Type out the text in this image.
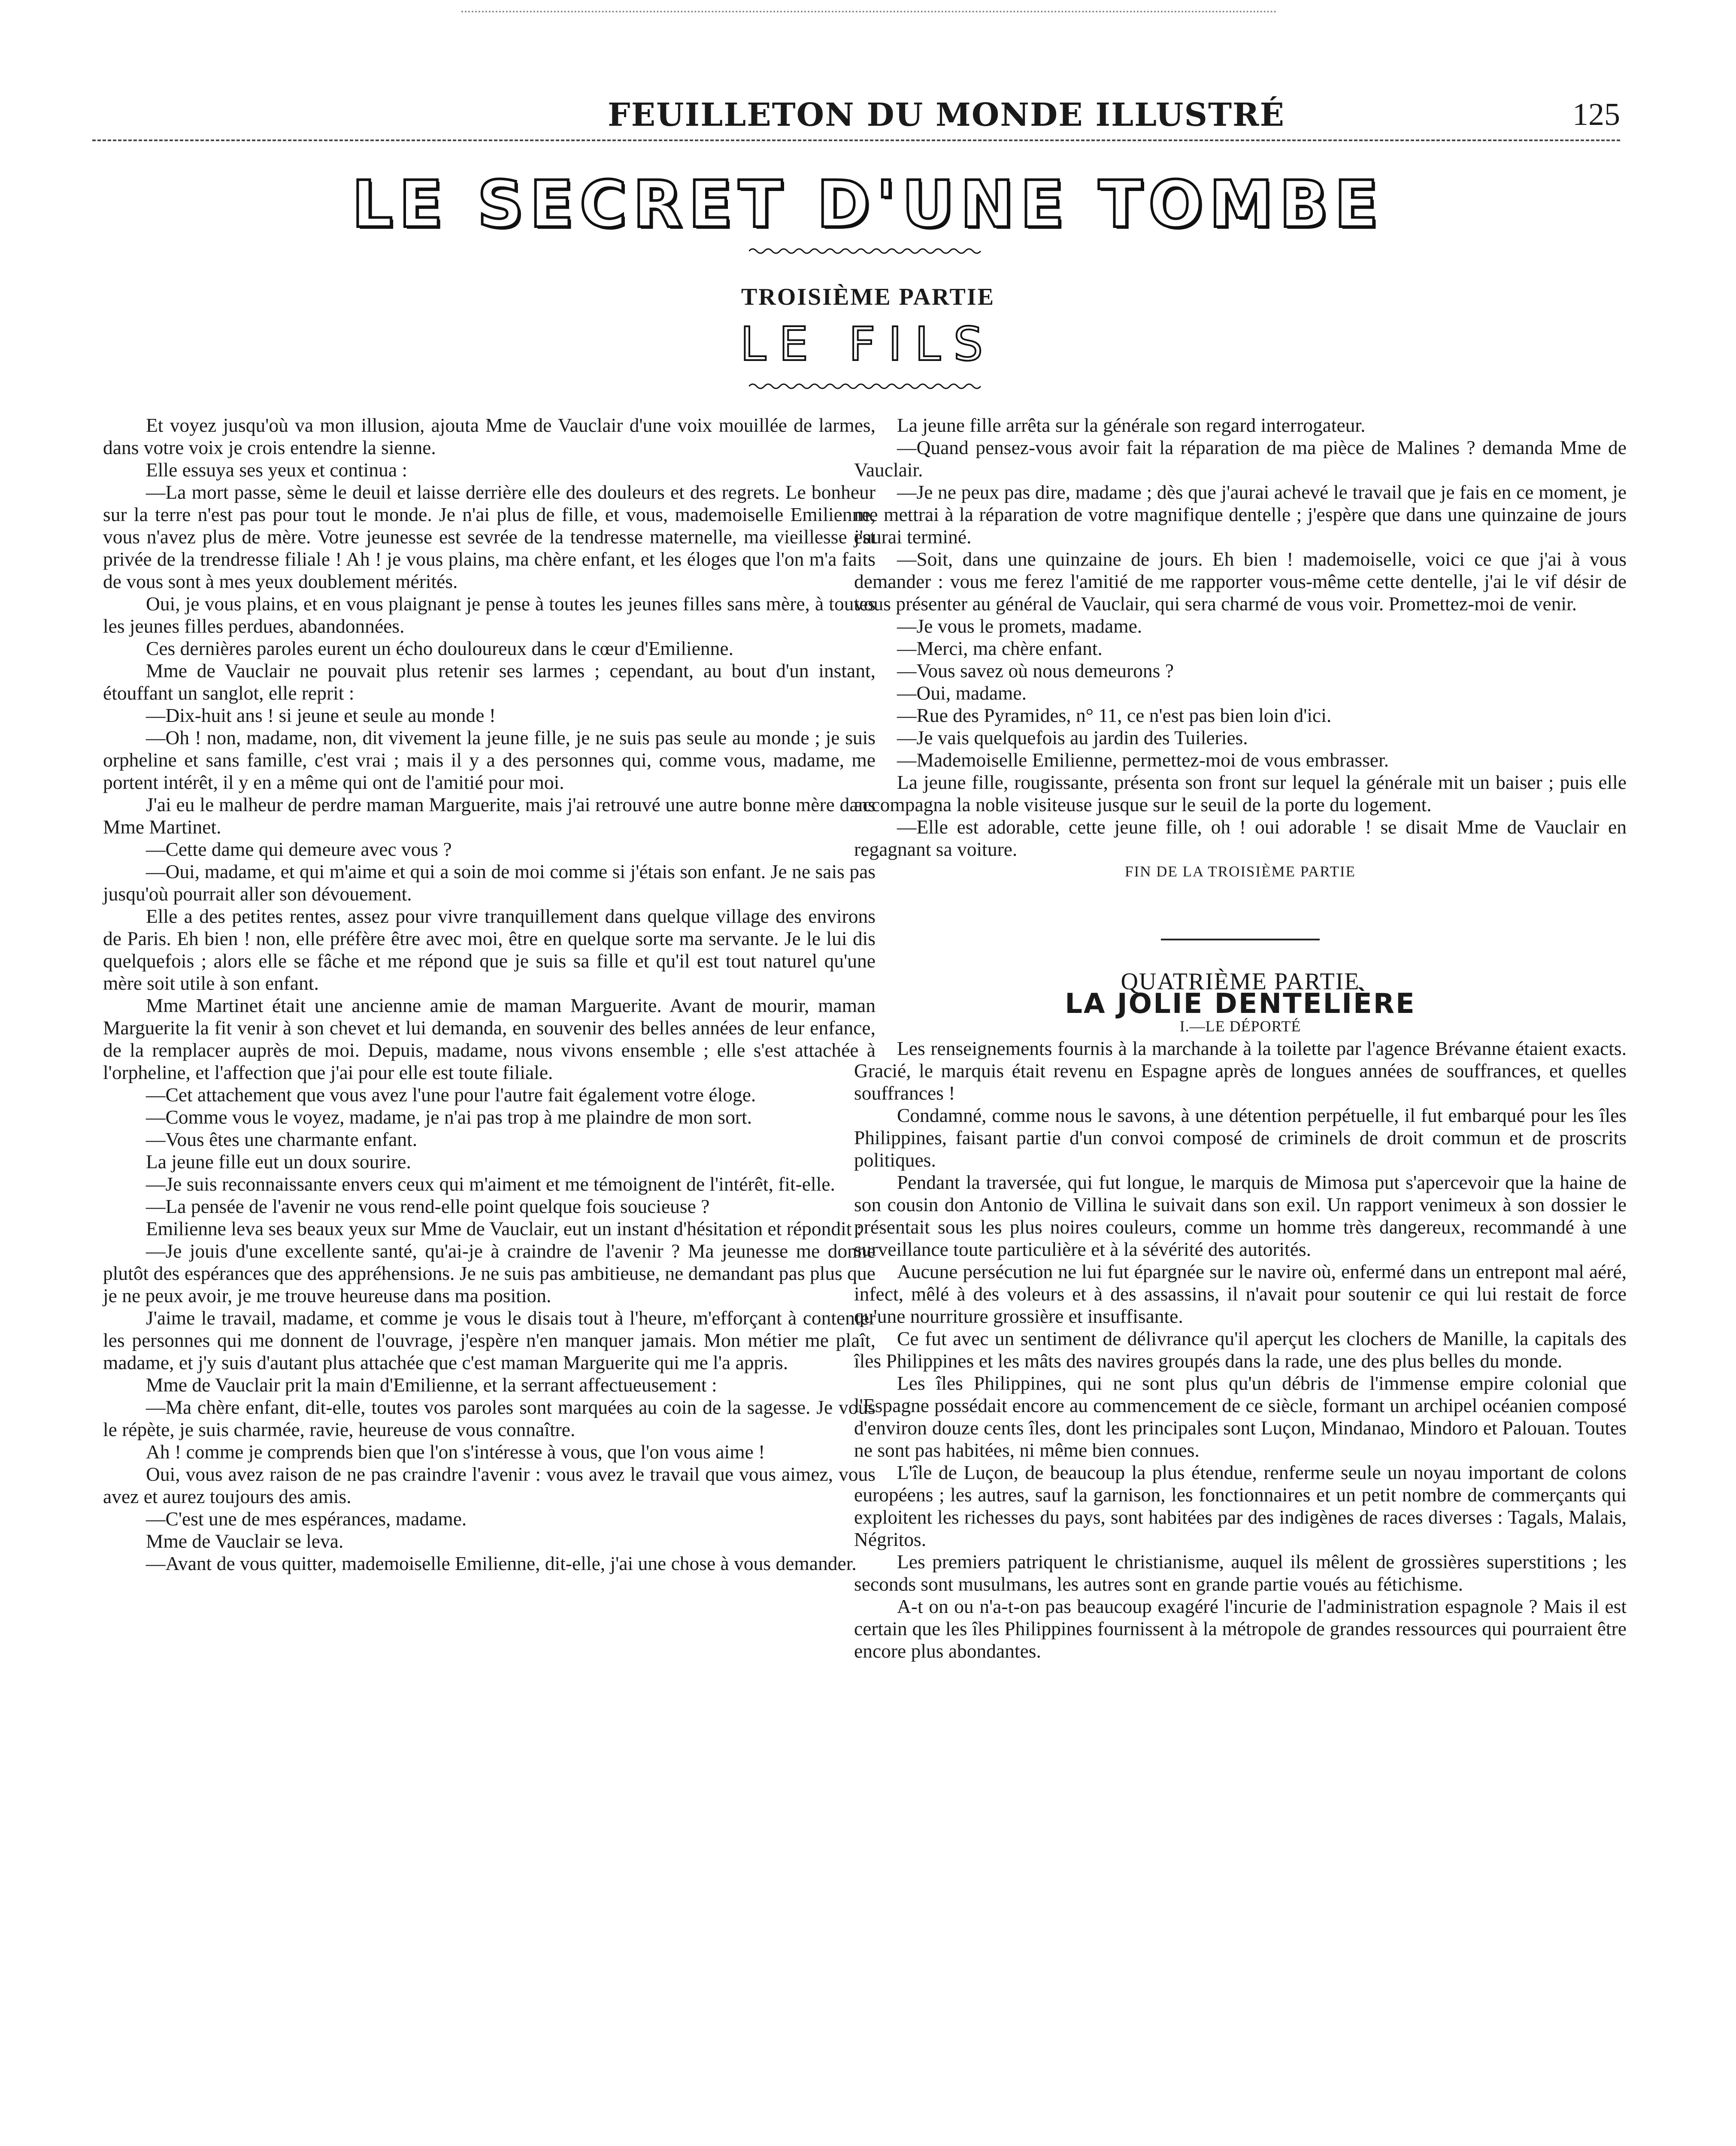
FEUILLETON DU MONDE ILLUSTRÉ	125
LE SECRET D'UNE TOMBE
TROISIÈME PARTIE
LE FILS

Et voyez jusqu'où va mon illusion, ajouta Mme de Vauclair d'une voix mouillée de larmes, dans votre voix je crois entendre la sienne.

Elle essuya ses yeux et continua :

—La mort passe, sème le deuil et laisse derrière elle des douleurs et des regrets. Le bonheur sur la terre n'est pas pour tout le monde. Je n'ai plus de fille, et vous, mademoiselle Emilienne, vous n'avez plus de mère. Votre jeunesse est sevrée de la tendresse maternelle, ma vieillesse est privée de la trendresse filiale ! Ah ! je vous plains, ma chère enfant, et les éloges que l'on m'a faits de vous sont à mes yeux doublement mérités.

Oui, je vous plains, et en vous plaignant je pense à toutes les jeunes filles sans mère, à toutes les jeunes filles perdues, abandonnées.

Ces dernières paroles eurent un écho douloureux dans le cœur d'Emilienne.

Mme de Vauclair ne pouvait plus retenir ses larmes ; cependant, au bout d'un instant, étouffant un sanglot, elle reprit :

—Dix-huit ans ! si jeune et seule au monde !

—Oh ! non, madame, non, dit vivement la jeune fille, je ne suis pas seule au monde ; je suis orpheline et sans famille, c'est vrai ; mais il y a des personnes qui, comme vous, madame, me portent intérêt, il y en a même qui ont de l'amitié pour moi.

J'ai eu le malheur de perdre maman Marguerite, mais j'ai retrouvé une autre bonne mère dans Mme Martinet.

—Cette dame qui demeure avec vous ?

—Oui, madame, et qui m'aime et qui a soin de moi comme si j'étais son enfant. Je ne sais pas jusqu'où pourrait aller son dévouement.

Elle a des petites rentes, assez pour vivre tranquillement dans quelque village des environs de Paris. Eh bien ! non, elle préfère être avec moi, être en quelque sorte ma servante. Je le lui dis quelquefois ; alors elle se fâche et me répond que je suis sa fille et qu'il est tout naturel qu'une mère soit utile à son enfant.

Mme Martinet était une ancienne amie de maman Marguerite. Avant de mourir, maman Marguerite la fit venir à son chevet et lui demanda, en souvenir des belles années de leur enfance, de la remplacer auprès de moi. Depuis, madame, nous vivons ensemble ; elle s'est attachée à l'orpheline, et l'affection que j'ai pour elle est toute filiale.

—Cet attachement que vous avez l'une pour l'autre fait également votre éloge.

—Comme vous le voyez, madame, je n'ai pas trop à me plaindre de mon sort.

—Vous êtes une charmante enfant.

La jeune fille eut un doux sourire.

—Je suis reconnaissante envers ceux qui m'aiment et me témoignent de l'intérêt, fit-elle.

—La pensée de l'avenir ne vous rend-elle point quelque fois soucieuse ?

Emilienne leva ses beaux yeux sur Mme de Vauclair, eut un instant d'hésitation et répondit :

—Je jouis d'une excellente santé, qu'ai-je à craindre de l'avenir ? Ma jeunesse me donne plutôt des espérances que des appréhensions. Je ne suis pas ambitieuse, ne demandant pas plus que je ne peux avoir, je me trouve heureuse dans ma position.

J'aime le travail, madame, et comme je vous le disais tout à l'heure, m'efforçant à contenter les personnes qui me donnent de l'ouvrage, j'espère n'en manquer jamais. Mon métier me plaît, madame, et j'y suis d'autant plus attachée que c'est maman Marguerite qui me l'a appris.

Mme de Vauclair prit la main d'Emilienne, et la serrant affectueusement :

—Ma chère enfant, dit-elle, toutes vos paroles sont marquées au coin de la sagesse. Je vous le répète, je suis charmée, ravie, heureuse de vous connaître.

Ah ! comme je comprends bien que l'on s'intéresse à vous, que l'on vous aime !

Oui, vous avez raison de ne pas craindre l'avenir : vous avez le travail que vous aimez, vous avez et aurez toujours des amis.

—C'est une de mes espérances, madame.

Mme de Vauclair se leva.

—Avant de vous quitter, mademoiselle Emilienne, dit-elle, j'ai une chose à vous demander.

La jeune fille arrêta sur la générale son regard interrogateur.

—Quand pensez-vous avoir fait la réparation de ma pièce de Malines ? demanda Mme de Vauclair.

—Je ne peux pas dire, madame ; dès que j'aurai achevé le travail que je fais en ce moment, je me mettrai à la réparation de votre magnifique dentelle ; j'espère que dans une quinzaine de jours j'aurai terminé.

—Soit, dans une quinzaine de jours. Eh bien ! mademoiselle, voici ce que j'ai à vous demander : vous me ferez l'amitié de me rapporter vous-même cette dentelle, j'ai le vif désir de vous présenter au général de Vauclair, qui sera charmé de vous voir. Promettez-moi de venir.

—Je vous le promets, madame.

—Merci, ma chère enfant.

—Vous savez où nous demeurons ?

—Oui, madame.

—Rue des Pyramides, n° 11, ce n'est pas bien loin d'ici.

—Je vais quelquefois au jardin des Tuileries.

—Mademoiselle Emilienne, permettez-moi de vous embrasser.

La jeune fille, rougissante, présenta son front sur lequel la générale mit un baiser ; puis elle accompagna la noble visiteuse jusque sur le seuil de la porte du logement.

—Elle est adorable, cette jeune fille, oh ! oui adorable ! se disait Mme de Vauclair en regagnant sa voiture.

FIN DE LA TROISIÈME PARTIE

QUATRIÈME PARTIE

LA JOLIE DENTELIÈRE

I.—LE DÉPORTÉ

Les renseignements fournis à la marchande à la toilette par l'agence Brévanne étaient exacts. Gracié, le marquis était revenu en Espagne après de longues années de souffrances, et quelles souffrances !

Condamné, comme nous le savons, à une détention perpétuelle, il fut embarqué pour les îles Philippines, faisant partie d'un convoi composé de criminels de droit commun et de proscrits politiques.

Pendant la traversée, qui fut longue, le marquis de Mimosa put s'apercevoir que la haine de son cousin don Antonio de Villina le suivait dans son exil. Un rapport venimeux à son dossier le présentait sous les plus noires couleurs, comme un homme très dangereux, recommandé à une surveillance toute particulière et à la sévérité des autorités.

Aucune persécution ne lui fut épargnée sur le navire où, enfermé dans un entrepont mal aéré, infect, mêlé à des voleurs et à des assassins, il n'avait pour soutenir ce qui lui restait de force qu'une nourriture grossière et insuffisante.

Ce fut avec un sentiment de délivrance qu'il aperçut les clochers de Manille, la capitals des îles Philippines et les mâts des navires groupés dans la rade, une des plus belles du monde.

Les îles Philippines, qui ne sont plus qu'un débris de l'immense empire colonial que l'Espagne possédait encore au commencement de ce siècle, formant un archipel océanien composé d'environ douze cents îles, dont les principales sont Luçon, Mindanao, Mindoro et Palouan. Toutes ne sont pas habitées, ni même bien connues.

L'île de Luçon, de beaucoup la plus étendue, renferme seule un noyau important de colons européens ; les autres, sauf la garnison, les fonctionnaires et un petit nombre de commerçants qui exploitent les richesses du pays, sont habitées par des indigènes de races diverses : Tagals, Malais, Négritos.

Les premiers patriquent le christianisme, auquel ils mêlent de grossières superstitions ; les seconds sont musulmans, les autres sont en grande partie voués au fétichisme.

A-t on ou n'a-t-on pas beaucoup exagéré l'incurie de l'administration espagnole ? Mais il est certain que les îles Philippines fournissent à la métropole de grandes ressources qui pourraient être encore plus abondantes.
